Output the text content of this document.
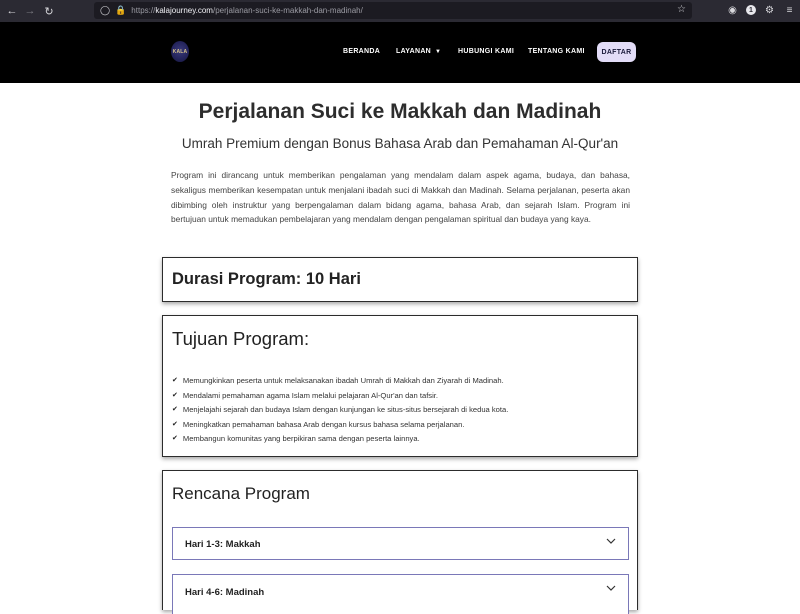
← → ↻	◯ 🔒 https://kalajourney.com/perjalanan-suci-ke-makkah-dan-madinah/	☆	◉	1	⚙	≡
KALA	BERANDA LAYANAN ▼ HUBUNGI KAMI TENTANG KAMI	DAFTAR
Perjalanan Suci ke Makkah dan Madinah
Umrah Premium dengan Bonus Bahasa Arab dan Pemahaman Al-Qur'an

Program ini dirancang untuk memberikan pengalaman yang mendalam dalam aspek agama, budaya, dan bahasa, sekaligus memberikan kesempatan untuk menjalani ibadah suci di Makkah dan Madinah. Selama perjalanan, peserta akan dibimbing oleh instruktur yang berpengalaman dalam bidang agama, bahasa Arab, dan sejarah Islam. Program ini bertujuan untuk memadukan pembelajaran yang mendalam dengan pengalaman spiritual dan budaya yang kaya.

Durasi Program: 10 Hari
Tujuan Program:
✔ Memungkinkan peserta untuk melaksanakan ibadah Umrah di Makkah dan Ziyarah di Madinah.
✔ Mendalami pemahaman agama Islam melalui pelajaran Al-Qur'an dan tafsir.
✔ Menjelajahi sejarah dan budaya Islam dengan kunjungan ke situs-situs bersejarah di kedua kota.
✔ Meningkatkan pemahaman bahasa Arab dengan kursus bahasa selama perjalanan.
✔ Membangun komunitas yang berpikiran sama dengan peserta lainnya.
Rencana Program
Hari 1-3: Makkah
Hari 4-6: Madinah
